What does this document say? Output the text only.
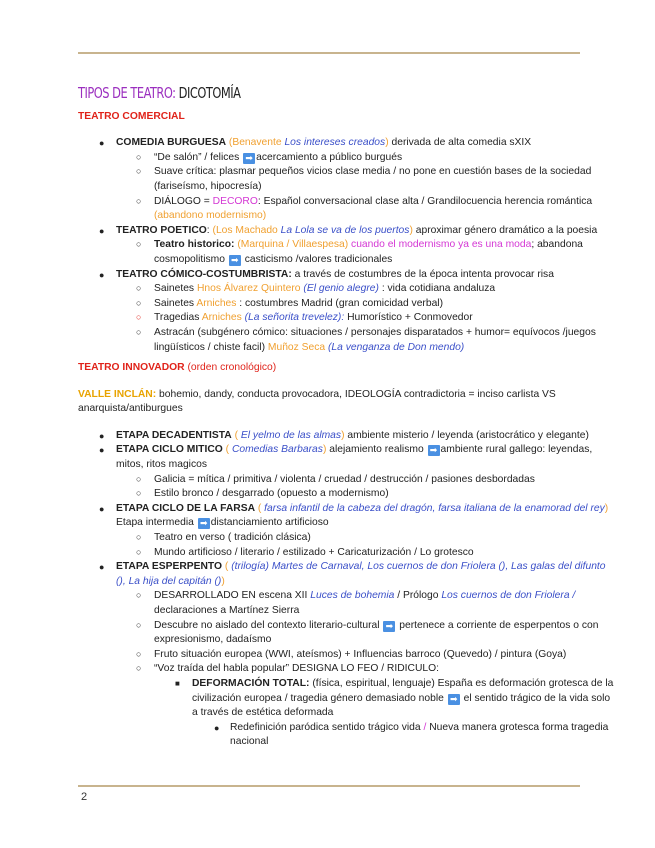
TIPOS DE TEATRO: DICOTOMÍA
TEATRO COMERCIAL
● COMEDIA BURGUESA (Benavente Los intereses creados) derivada de alta comedia sXIX
○ “De salón” / felices ➡ acercamiento a público burgués
○ Suave crítica: plasmar pequeños vicios clase media / no pone en cuestión bases de la sociedad (fariseísmo, hipocresía)
○ DIÁLOGO = DECORO: Español conversacional clase alta / Grandilocuencia herencia romántica (abandono modernismo)
● TEATRO POETICO: (Los Machado La Lola se va de los puertos) aproximar género dramático a la poesia
○ Teatro historico: (Marquina / Villaespesa) cuando el modernismo ya es una moda; abandona cosmopolitismo ➡ casticismo /valores tradicionales
● TEATRO CÓMICO-COSTUMBRISTA: a través de costumbres de la época intenta provocar risa
○ Sainetes Hnos Álvarez Quintero (El genio alegre) : vida cotidiana andaluza
○ Sainetes Arniches : costumbres Madrid (gran comicidad verbal)
○ Tragedias Arniches (La señorita trevelez): Humorístico + Conmovedor
○ Astracán (subgénero cómico: situaciones / personajes disparatados + humor= equívocos /juegos lingüísticos / chiste facil) Muñoz Seca (La venganza de Don mendo)
TEATRO INNOVADOR (orden cronológico)
VALLE INCLÁN: bohemio, dandy, conducta provocadora, IDEOLOGÍA contradictoria = inciso carlista VS anarquista/antiburgues
● ETAPA DECADENTISTA ( El yelmo de las almas) ambiente misterio / leyenda (aristocrático y elegante)
● ETAPA CICLO MITICO ( Comedias Barbaras) alejamiento realismo ➡ ambiente rural gallego: leyendas, mitos, ritos magicos
○ Galicia = mítica / primitiva / violenta / cruedad / destrucción / pasiones desbordadas
○ Estilo bronco / desgarrado (opuesto a modernismo)
● ETAPA CICLO DE LA FARSA ( farsa infantil de la cabeza del dragón, farsa italiana de la enamorad del rey) Etapa intermedia ➡ distanciamiento artificioso
○ Teatro en verso ( tradición clásica)
○ Mundo artificioso / literario / estilizado + Caricaturización / Lo grotesco
● ETAPA ESPERPENTO ( (trilogía) Martes de Carnaval, Los cuernos de don Friolera (), Las galas del difunto (), La hija del capitán ())
○ DESARROLLADO EN escena XII Luces de bohemia / Prólogo Los cuernos de don Friolera / declaraciones a Martínez Sierra
○ Descubre no aislado del contexto literario-cultural ➡ pertenece a corriente de esperpentos o con expresionismo, dadaísmo
○ Fruto situación europea (WWI, ateísmos) + Influencias barroco (Quevedo) / pintura (Goya)
○ “Voz traída del habla popular” DESIGNA LO FEO / RIDICULO:
■ DEFORMACIÓN TOTAL: (física, espiritual, lenguaje) España es deformación grotesca de la civilización europea / tragedia género demasiado noble ➡ el sentido trágico de la vida solo a través de estética deformada
● Redefinición paródica sentido trágico vida / Nueva manera grotesca forma tragedia nacional
2
